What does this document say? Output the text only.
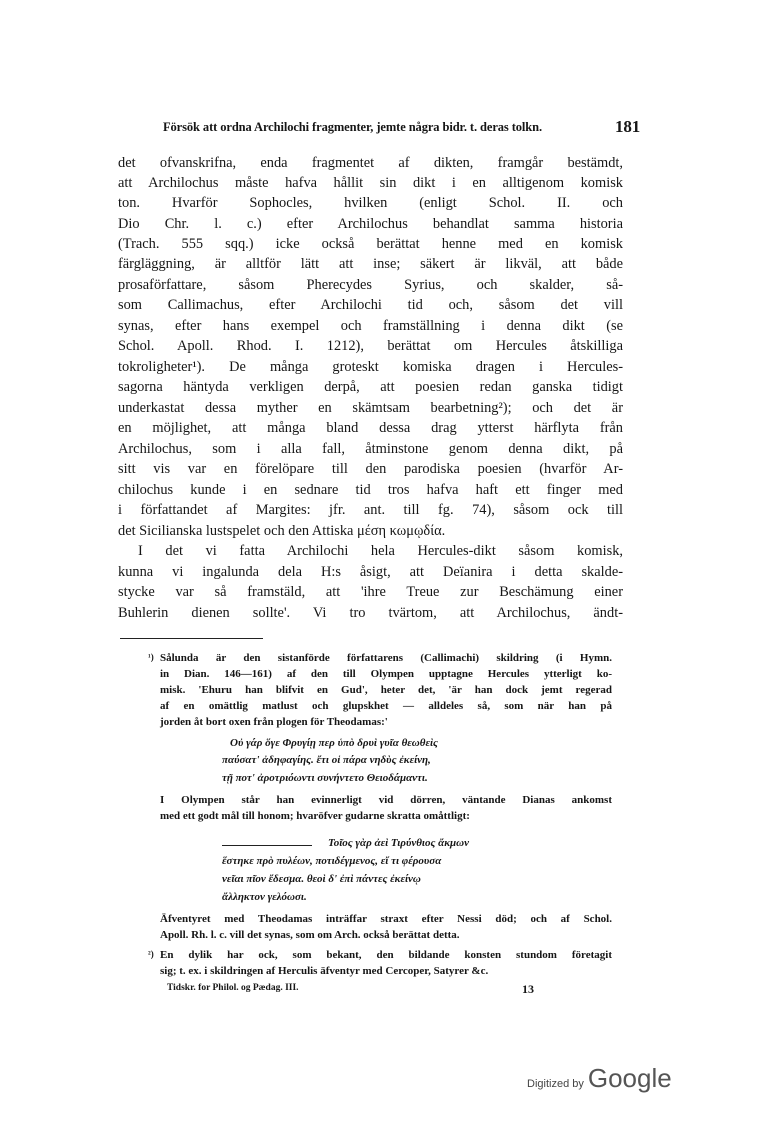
Försök att ordna Archilochi fragmenter, jemte några bidr. t. deras tolkn.	181
det ofvanskrifna, enda fragmentet af dikten, framgår bestämdt,
att Archilochus måste hafva hållit sin dikt i en alltigenom komisk
ton. Hvarför Sophocles, hvilken (enligt Schol. II. och
Dio Chr. l. c.) efter Archilochus behandlat samma historia
(Trach. 555 sqq.) icke också berättat henne med en komisk
färgläggning, är alltför lätt att inse; säkert är likväl, att både
prosaförfattare, såsom Pherecydes Syrius, och skalder, så-
som Callimachus, efter Archilochi tid och, såsom det vill
synas, efter hans exempel och framställning i denna dikt (se
Schol. Apoll. Rhod. I. 1212), berättat om Hercules åtskilliga
tokroligheter¹). De många groteskt komiska dragen i Hercules-
sagorna häntyda verkligen derpå, att poesien redan ganska tidigt
underkastat dessa myther en skämtsam bearbetning²); och det är
en möjlighet, att många bland dessa drag ytterst härflyta från
Archilochus, som i alla fall, åtminstone genom denna dikt, på
sitt vis var en förelöpare till den parodiska poesien (hvarför Ar-
chilochus kunde i en sednare tid tros hafva haft ett finger med
i författandet af Margites: jfr. ant. till fg. 74), såsom ock till
det Sicilianska lustspelet och den Attiska μέση κωμῳδία.
I det vi fatta Archilochi hela Hercules-dikt såsom komisk,
kunna vi ingalunda dela H:s åsigt, att Deïanira i detta skalde-
stycke var så framstäld, att 'ihre Treue zur Beschämung einer
Buhlerin dienen sollte'. Vi tro tvärtom, att Archilochus, ändt-
¹) Sålunda är den sistanförde författarens (Callimachi) skildring (i Hymn.
in Dian. 146—161) af den till Olympen upptagne Hercules ytterligt ko-
misk. 'Ehuru han blifvit en Gud', heter det, 'är han dock jemt regerad
af en omättlig matlust och glupskhet — alldeles så, som när han på
jorden åt bort oxen från plogen för Theodamas:'
Οὐ γάρ ὅγε Φρυγίῃ περ ὑπὸ δρυὶ γυῖα θεωθεὶς
παύσατ' ἀδηφαγίης. ἔτι οἱ πάρα νηδὺς ἐκείνη,
τῇ ποτ' ἀροτριόωντι συνήντετο Θειοδάμαντι.
I Olympen står han evinnerligt vid dörren, väntande Dianas ankomst
med ett godt mål till honom; hvaröfver gudarne skratta omåttligt:
Τοῖος γὰρ ἀεὶ Τιρύνθιος ἄκμων
ἕστηκε πρὸ πυλέων, ποτιδέγμενος, εἴ τι φέρουσα
νεῖαι πῖον ἔδεσμα. θεοὶ δ' ἐπὶ πάντες ἐκείνῳ
ἄλληκτον γελόωσι.
Äfventyret med Theodamas inträffar straxt efter Nessi död; och af Schol.
Apoll. Rh. l. c. vill det synas, som om Arch. också berättat detta.
²) En dylik har ock, som bekant, den bildande konsten stundom företagit
sig; t. ex. i skildringen af Herculis äfventyr med Cercoper, Satyrer &c.
Tidskr. for Philol. og Pædag. III.	13
Digitized by Google
